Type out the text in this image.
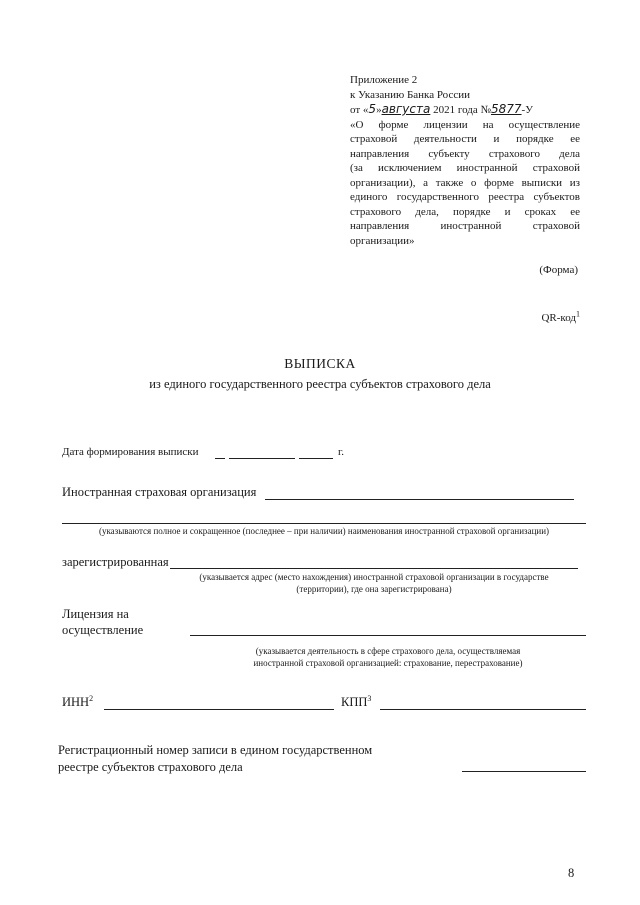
Приложение 2
к Указанию Банка России
от «5»августа 2021 года №5877-У
«О форме лицензии на осуществление
страховой деятельности и порядке ее
направления субъекту страхового дела
(за исключением иностранной страховой
организации), а также о форме выписки из
единого государственного реестра субъектов
страхового дела, порядке и сроках ее
направления иностранной страховой
организации»
(Форма)
QR-код$^1$
ВЫПИСКА
из единого государственного реестра субъектов страхового дела
Дата формирования выписки	г.
Иностранная страховая организация
(указываются полное и сокращенное (последнее – при наличии) наименования иностранной страховой организации)
зарегистрированная
(указывается адрес (место нахождения) иностранной страховой организации в государстве
(территории), где она зарегистрирована)
Лицензия на
осуществление
(указывается деятельность в сфере страхового дела, осуществляемая
иностранной страховой организацией: страхование, перестрахование)
ИНН$^2$	КПП$^3$
Регистрационный номер записи в едином государственном
реестре субъектов страхового дела
8
